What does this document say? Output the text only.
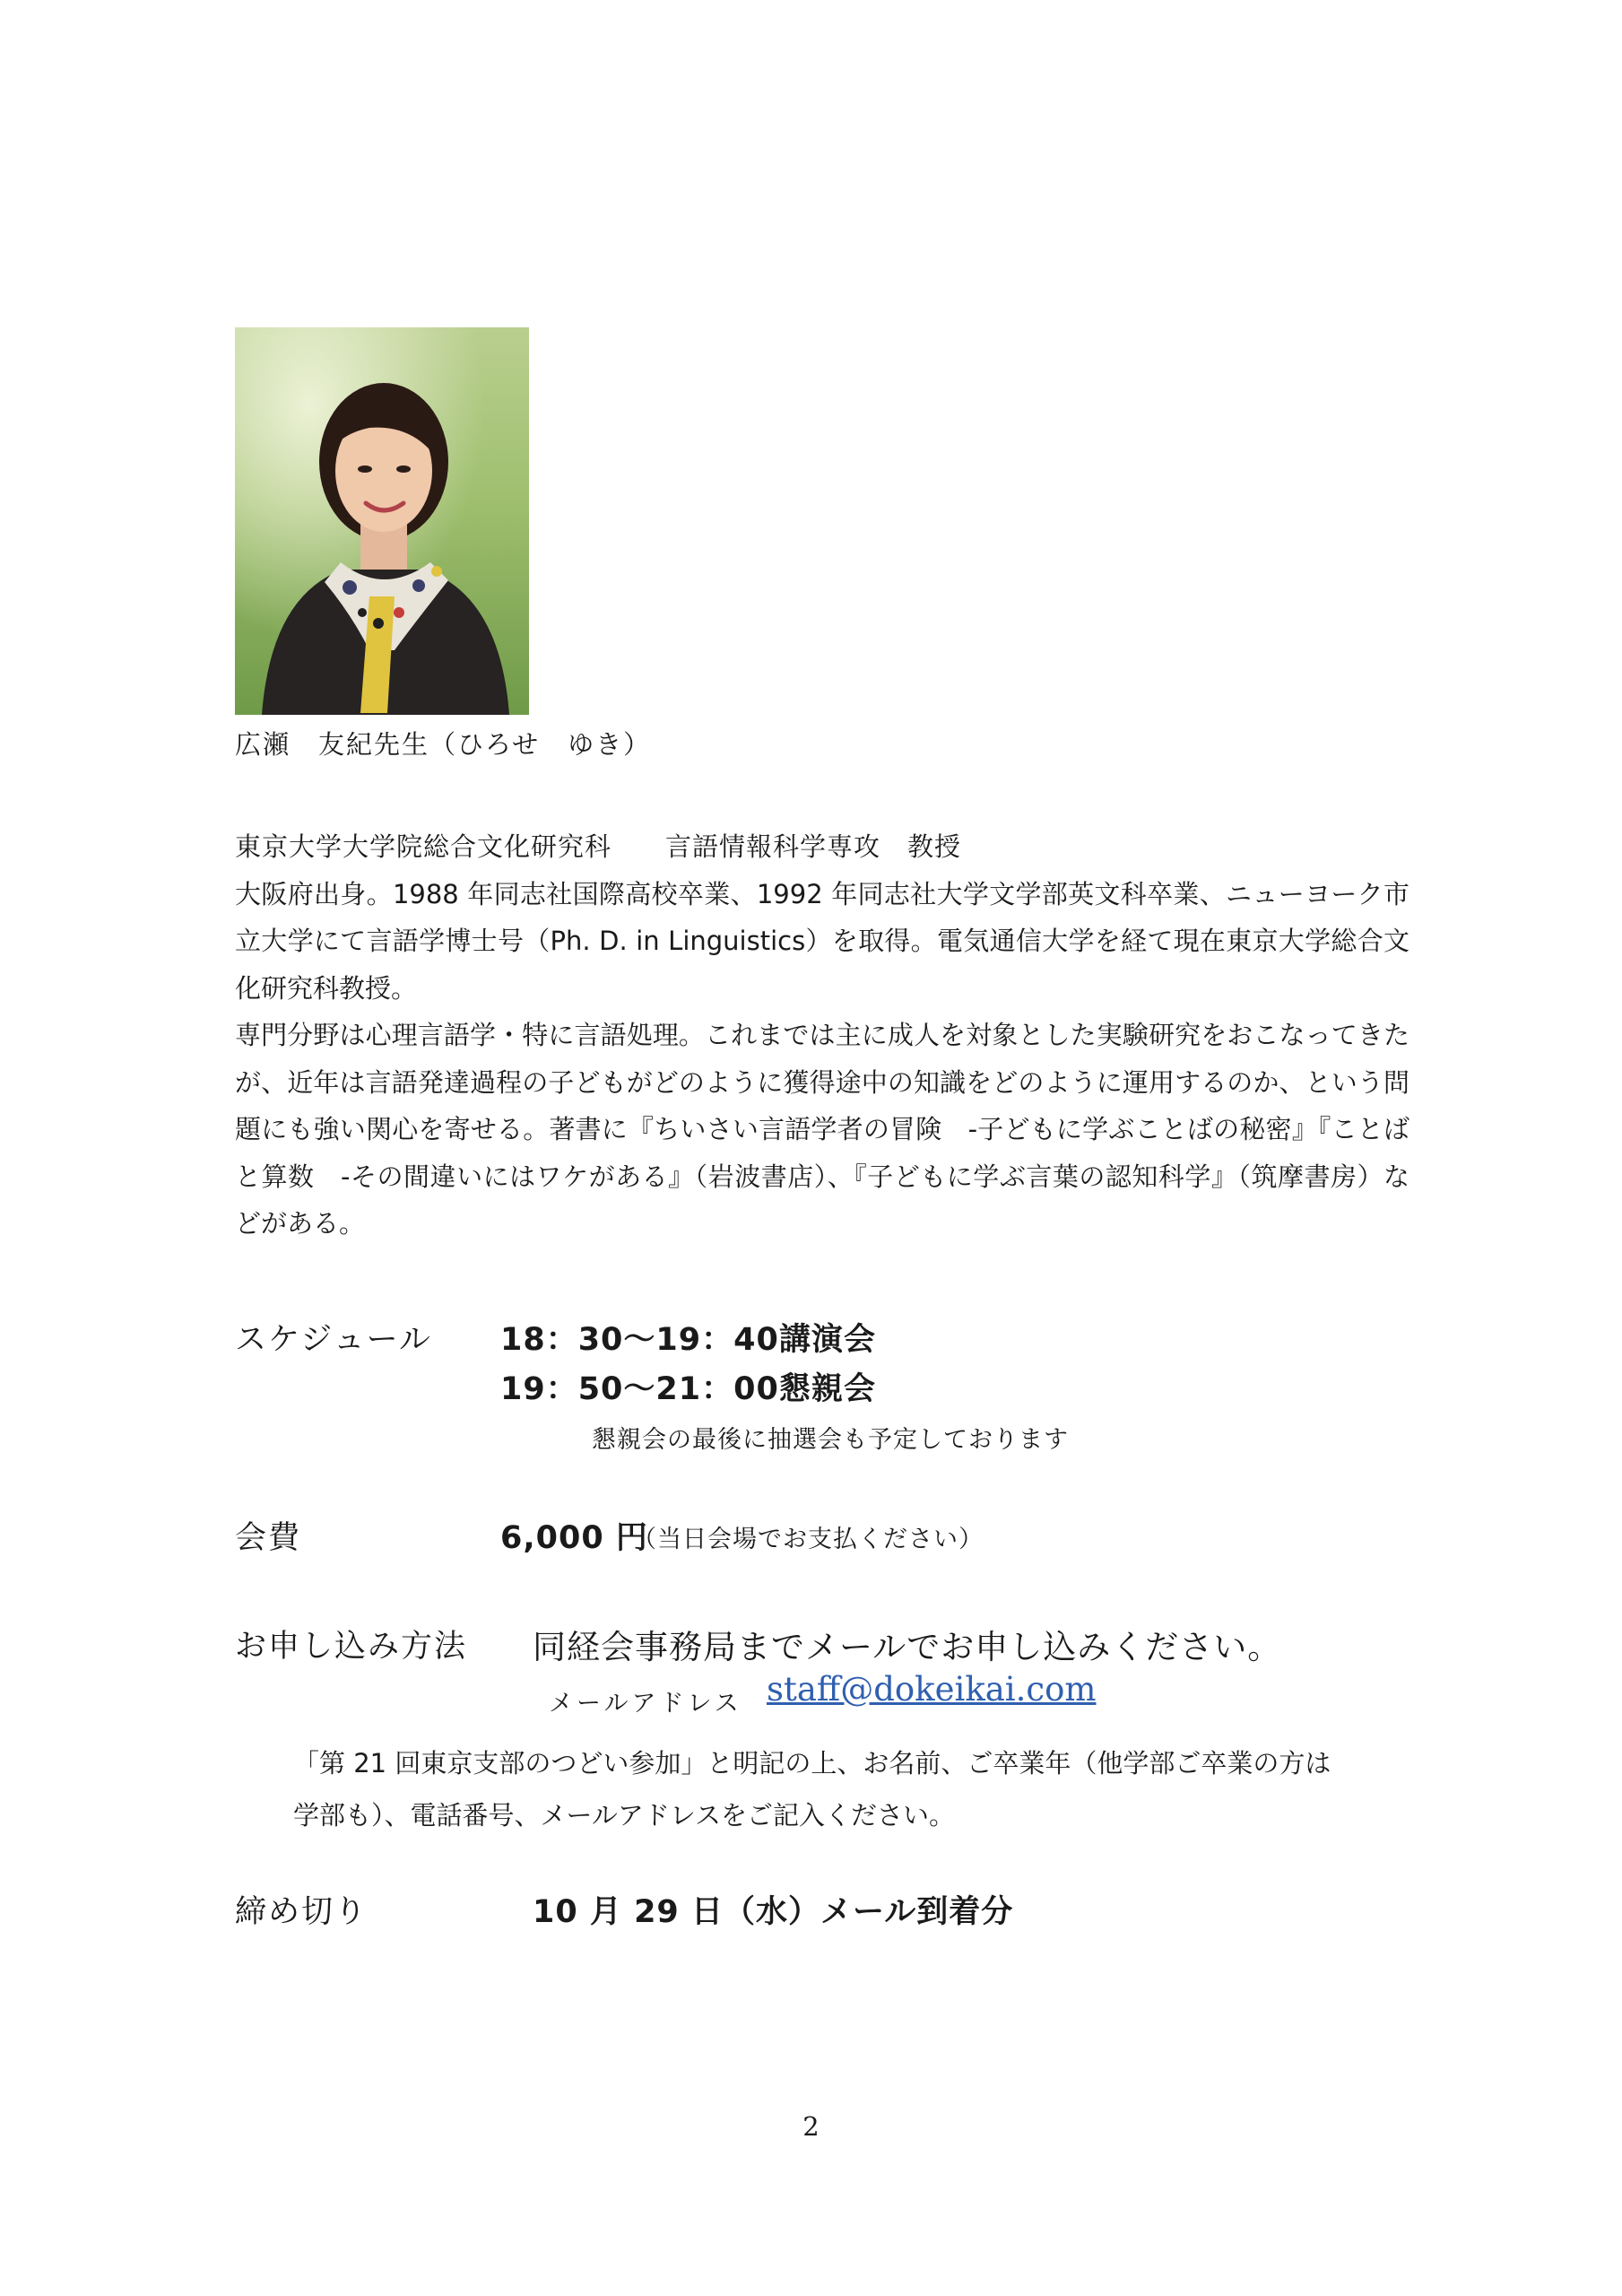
広瀬　友紀先生（ひろせ　ゆき）

東京大学大学院総合文化研究科　　言語情報科学専攻　教授

大阪府出身。1988 年同志社国際高校卒業、1992 年同志社大学文学部英文科卒業、ニューヨーク市立大学にて言語学博士号（Ph. D. in Linguistics）を取得。電気通信大学を経て現在東京大学総合文化研究科教授。

専門分野は心理言語学・特に言語処理。これまでは主に成人を対象とした実験研究をおこなってきたが、近年は言語発達過程の子どもがどのように獲得途中の知識をどのように運用するのか、という問題にも強い関心を寄せる。著書に『ちいさい言語学者の冒険　-子どもに学ぶことばの秘密』『ことばと算数　-その間違いにはワケがある』（岩波書店）、『子どもに学ぶ言葉の認知科学』（筑摩書房）などがある。

スケジュール 18：30〜19：40 講演会
19：50〜21：00 懇親会
懇親会の最後に抽選会も予定しております
会費	6,000 円
（当日会場でお支払ください）
お申し込み方法 同経会事務局までメールでお申し込みください。
メールアドレス staff@dokeikai.com

「第 21 回東京支部のつどい参加」と明記の上、お名前、ご卒業年（他学部ご卒業の方は

学部も）、電話番号、メールアドレスをご記入ください。

締め切り	10 月 29 日（水）メール到着分
2
